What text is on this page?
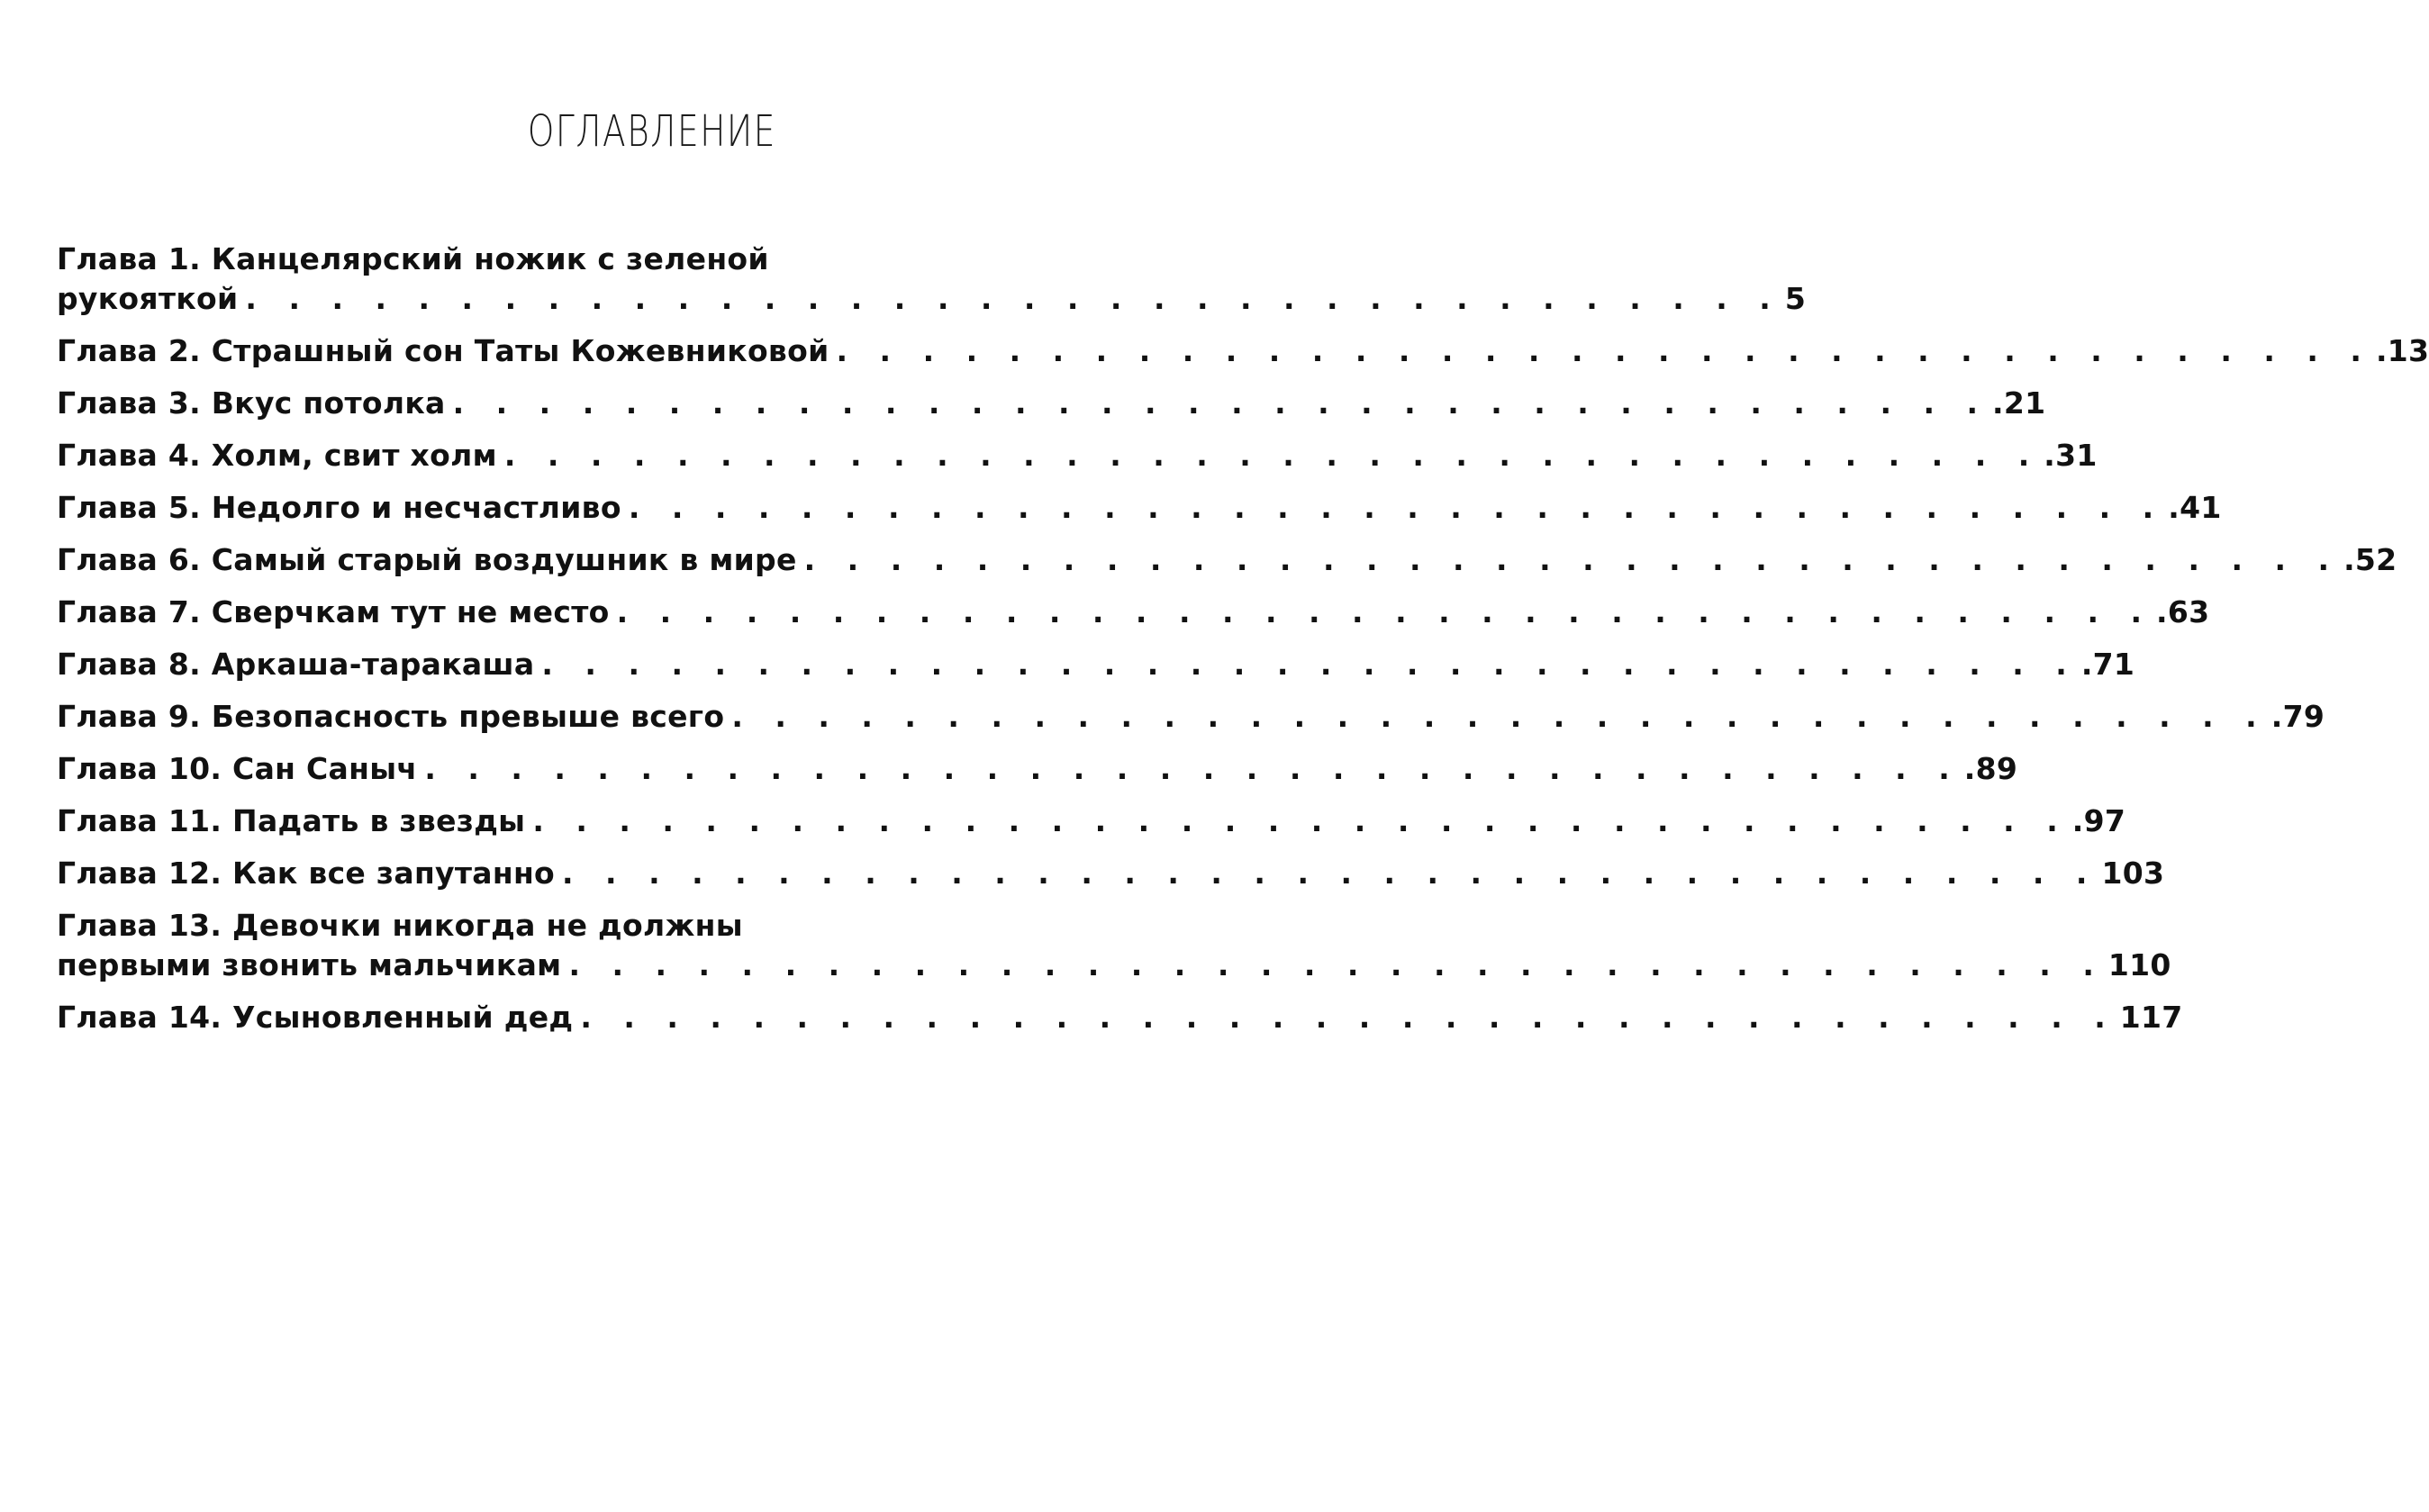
ОГЛАВЛЕНИЕ
Глава 1. Канцелярский ножик с зеленой
рукояткой . . . . . . . . . . . . . . . . . . . . . . . . . . . . . . . . . . . . 5
Глава 2. Страшный сон Таты Кожевниковой . . . . . . . . . . . . . . . . . . . . . . . . . . . . . . . . . . . . .13
Глава 3. Вкус потолка . . . . . . . . . . . . . . . . . . . . . . . . . . . . . . . . . . . . .21
Глава 4. Холм, свит холм . . . . . . . . . . . . . . . . . . . . . . . . . . . . . . . . . . . . .31
Глава 5. Недолго и несчастливо . . . . . . . . . . . . . . . . . . . . . . . . . . . . . . . . . . . . .41
Глава 6. Самый старый воздушник в мире . . . . . . . . . . . . . . . . . . . . . . . . . . . . . . . . . . . . .52
Глава 7. Сверчкам тут не место . . . . . . . . . . . . . . . . . . . . . . . . . . . . . . . . . . . . .63
Глава 8. Аркаша-таракаша . . . . . . . . . . . . . . . . . . . . . . . . . . . . . . . . . . . . .71
Глава 9. Безопасность превыше всего . . . . . . . . . . . . . . . . . . . . . . . . . . . . . . . . . . . . .79
Глава 10. Сан Саныч . . . . . . . . . . . . . . . . . . . . . . . . . . . . . . . . . . . . .89
Глава 11. Падать в звезды . . . . . . . . . . . . . . . . . . . . . . . . . . . . . . . . . . . . .97
Глава 12. Как все запутанно . . . . . . . . . . . . . . . . . . . . . . . . . . . . . . . . . . . . 103
Глава 13. Девочки никогда не должны
первыми звонить мальчикам . . . . . . . . . . . . . . . . . . . . . . . . . . . . . . . . . . . . 110
Глава 14. Усыновленный дед . . . . . . . . . . . . . . . . . . . . . . . . . . . . . . . . . . . . 117
